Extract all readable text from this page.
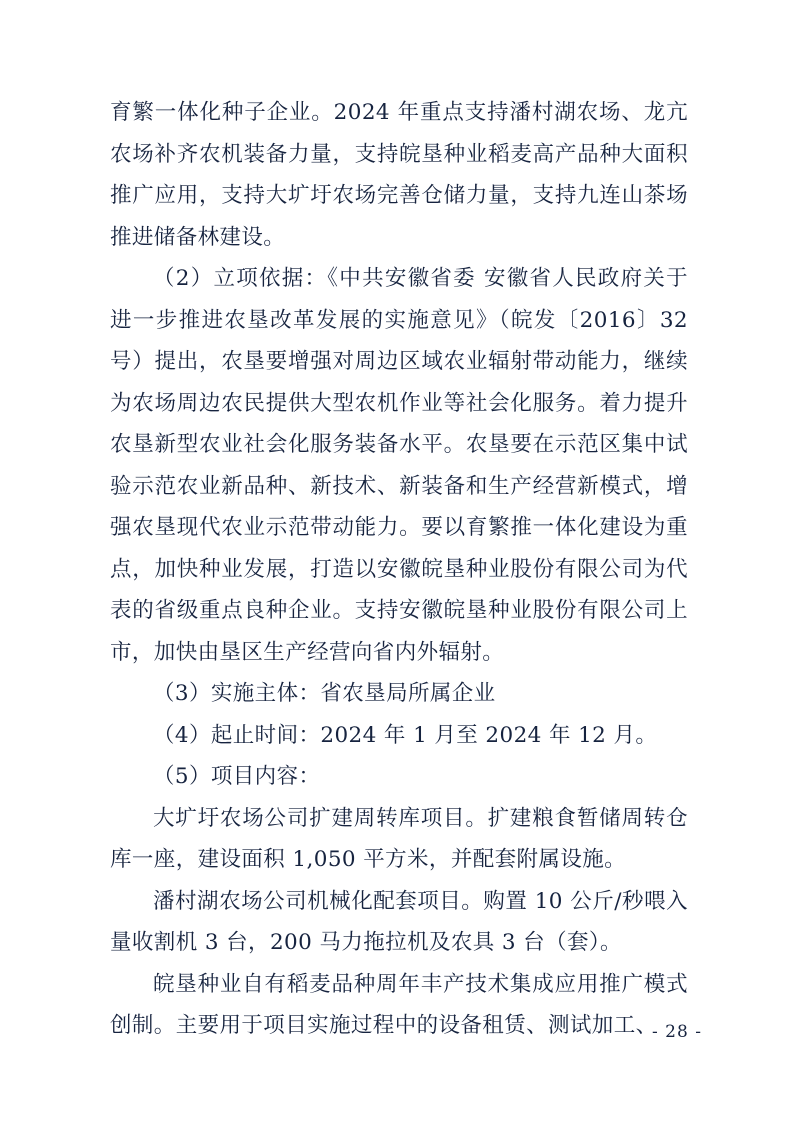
育繁一体化种子企业。2024 年重点支持潘村湖农场、龙亢农场补齐农机装备力量，支持皖垦种业稻麦高产品种大面积推广应用，支持大圹圩农场完善仓储力量，支持九连山茶场推进储备林建设。

（2）立项依据：《中共安徽省委 安徽省人民政府关于进一步推进农垦改革发展的实施意见》（皖发〔2016〕32 号）提出，农垦要增强对周边区域农业辐射带动能力，继续为农场周边农民提供大型农机作业等社会化服务。着力提升农垦新型农业社会化服务装备水平。农垦要在示范区集中试验示范农业新品种、新技术、新装备和生产经营新模式，增强农垦现代农业示范带动能力。要以育繁推一体化建设为重点，加快种业发展，打造以安徽皖垦种业股份有限公司为代表的省级重点良种企业。支持安徽皖垦种业股份有限公司上市，加快由垦区生产经营向省内外辐射。

（3）实施主体：省农垦局所属企业

（4）起止时间：2024 年 1 月至 2024 年 12 月。

（5）项目内容：

大圹圩农场公司扩建周转库项目。扩建粮食暂储周转仓库一座，建设面积 1,050 平方米，并配套附属设施。

潘村湖农场公司机械化配套项目。购置 10 公斤/秒喂入量收割机 3 台，200 马力拖拉机及农具 3 台（套）。

皖垦种业自有稻麦品种周年丰产技术集成应用推广模式创制。主要用于项目实施过程中的设备租赁、测试加工、

- 28 -
